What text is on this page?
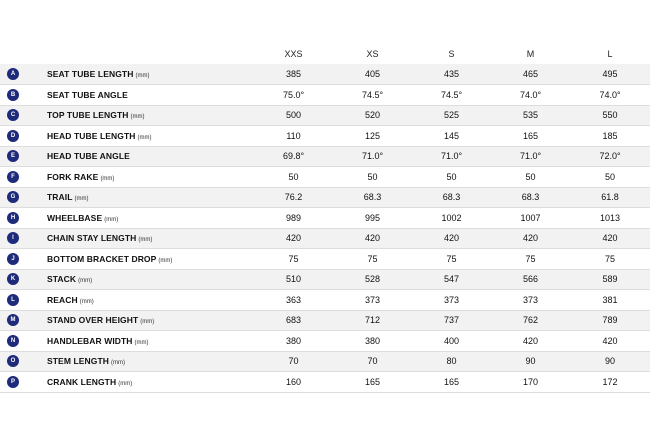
		XXS	XS	S	M	L
A	SEAT TUBE LENGTH (mm)	385	405	435	465	495
B	SEAT TUBE ANGLE	75.0°	74.5°	74.5°	74.0°	74.0°
C	TOP TUBE LENGTH (mm)	500	520	525	535	550
D	HEAD TUBE LENGTH (mm)	110	125	145	165	185
E	HEAD TUBE ANGLE	69.8°	71.0°	71.0°	71.0°	72.0°
F	FORK RAKE (mm)	50	50	50	50	50
G	TRAIL (mm)	76.2	68.3	68.3	68.3	61.8
H	WHEELBASE (mm)	989	995	1002	1007	1013
I	CHAIN STAY LENGTH (mm)	420	420	420	420	420
J	BOTTOM BRACKET DROP (mm)	75	75	75	75	75
K	STACK (mm)	510	528	547	566	589
L	REACH (mm)	363	373	373	373	381
M	STAND OVER HEIGHT (mm)	683	712	737	762	789
N	HANDLEBAR WIDTH (mm)	380	380	400	420	420
O	STEM LENGTH (mm)	70	70	80	90	90
P	CRANK LENGTH (mm)	160	165	165	170	172
